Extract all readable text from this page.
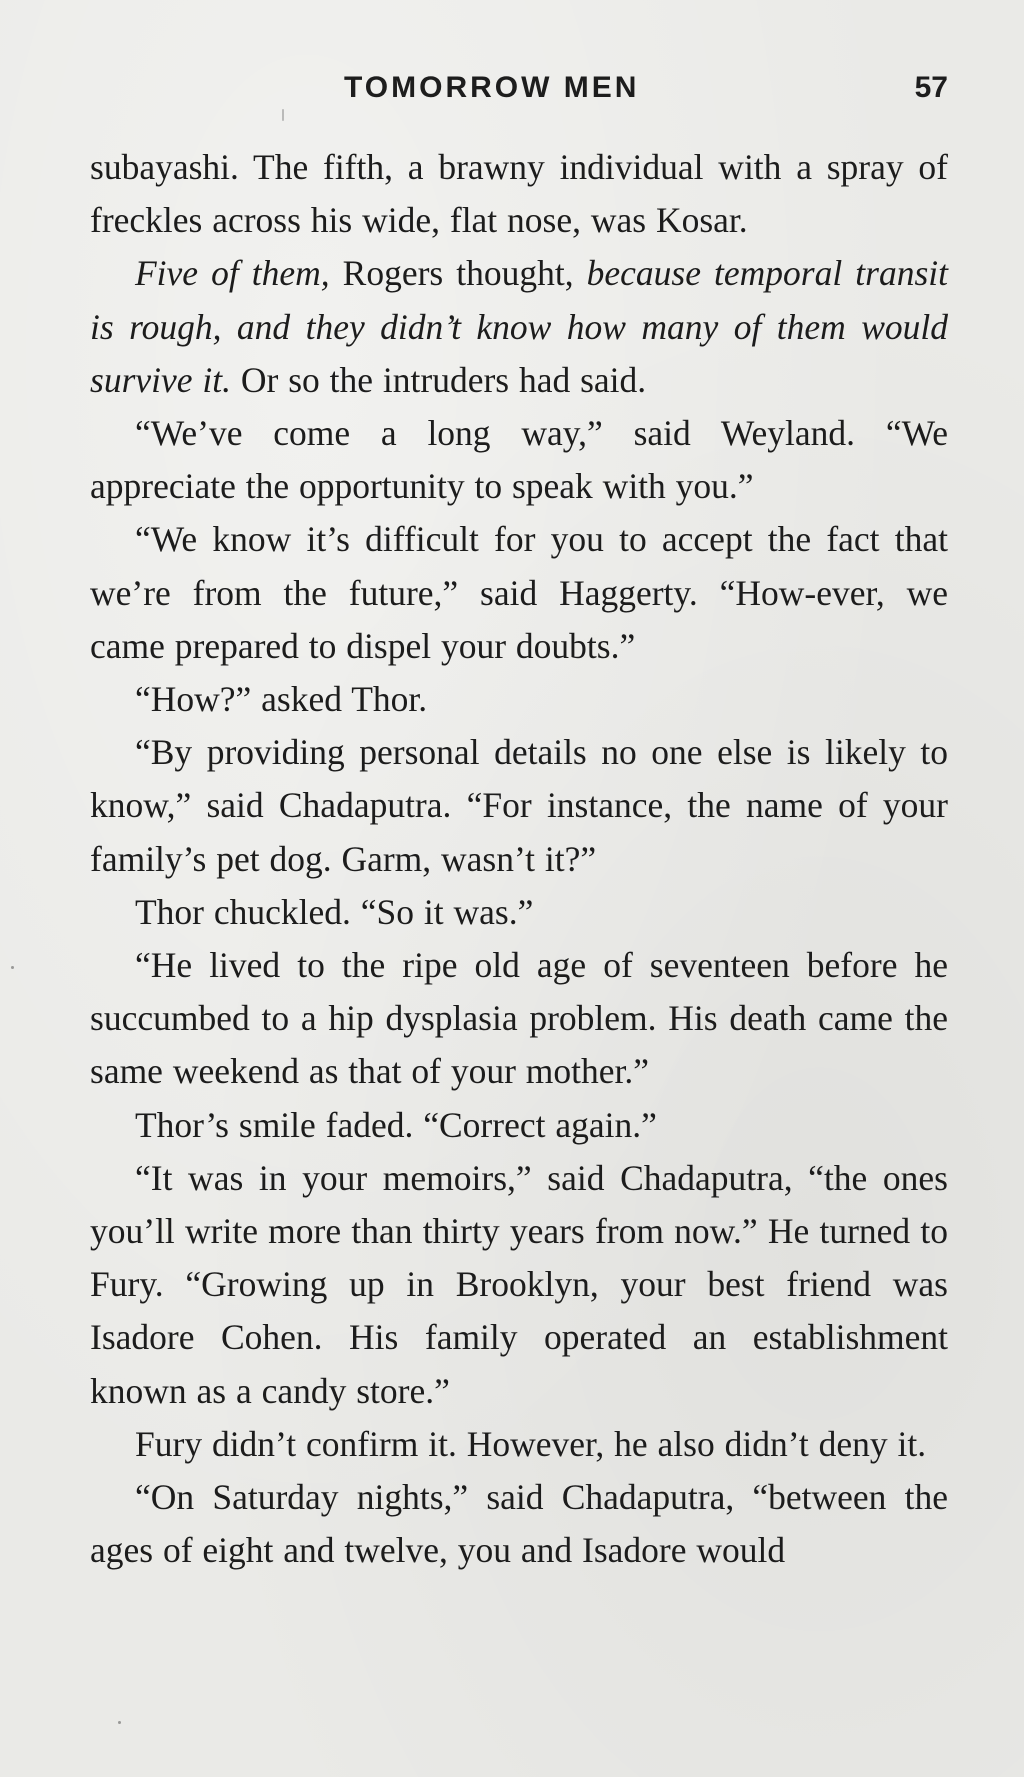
TOMORROW MEN	57

subayashi. The fifth, a brawny individual with a spray of freckles across his wide, flat nose, was Kosar.

Five of them, Rogers thought, because temporal transit is rough, and they didn’t know how many of them would survive it. Or so the intruders had said.

“We’ve come a long way,” said Weyland. “We appreciate the opportunity to speak with you.”

“We know it’s difficult for you to accept the fact that we’re from the future,” said Haggerty. “How-ever, we came prepared to dispel your doubts.”

“How?” asked Thor.

“By providing personal details no one else is likely to know,” said Chadaputra. “For instance, the name of your family’s pet dog. Garm, wasn’t it?”

Thor chuckled. “So it was.”

“He lived to the ripe old age of seventeen before he succumbed to a hip dysplasia problem. His death came the same weekend as that of your mother.”

Thor’s smile faded. “Correct again.”

“It was in your memoirs,” said Chadaputra, “the ones you’ll write more than thirty years from now.” He turned to Fury. “Growing up in Brooklyn, your best friend was Isadore Cohen. His family operated an establishment known as a candy store.”

Fury didn’t confirm it. However, he also didn’t deny it.

“On Saturday nights,” said Chadaputra, “between the ages of eight and twelve, you and Isadore would
